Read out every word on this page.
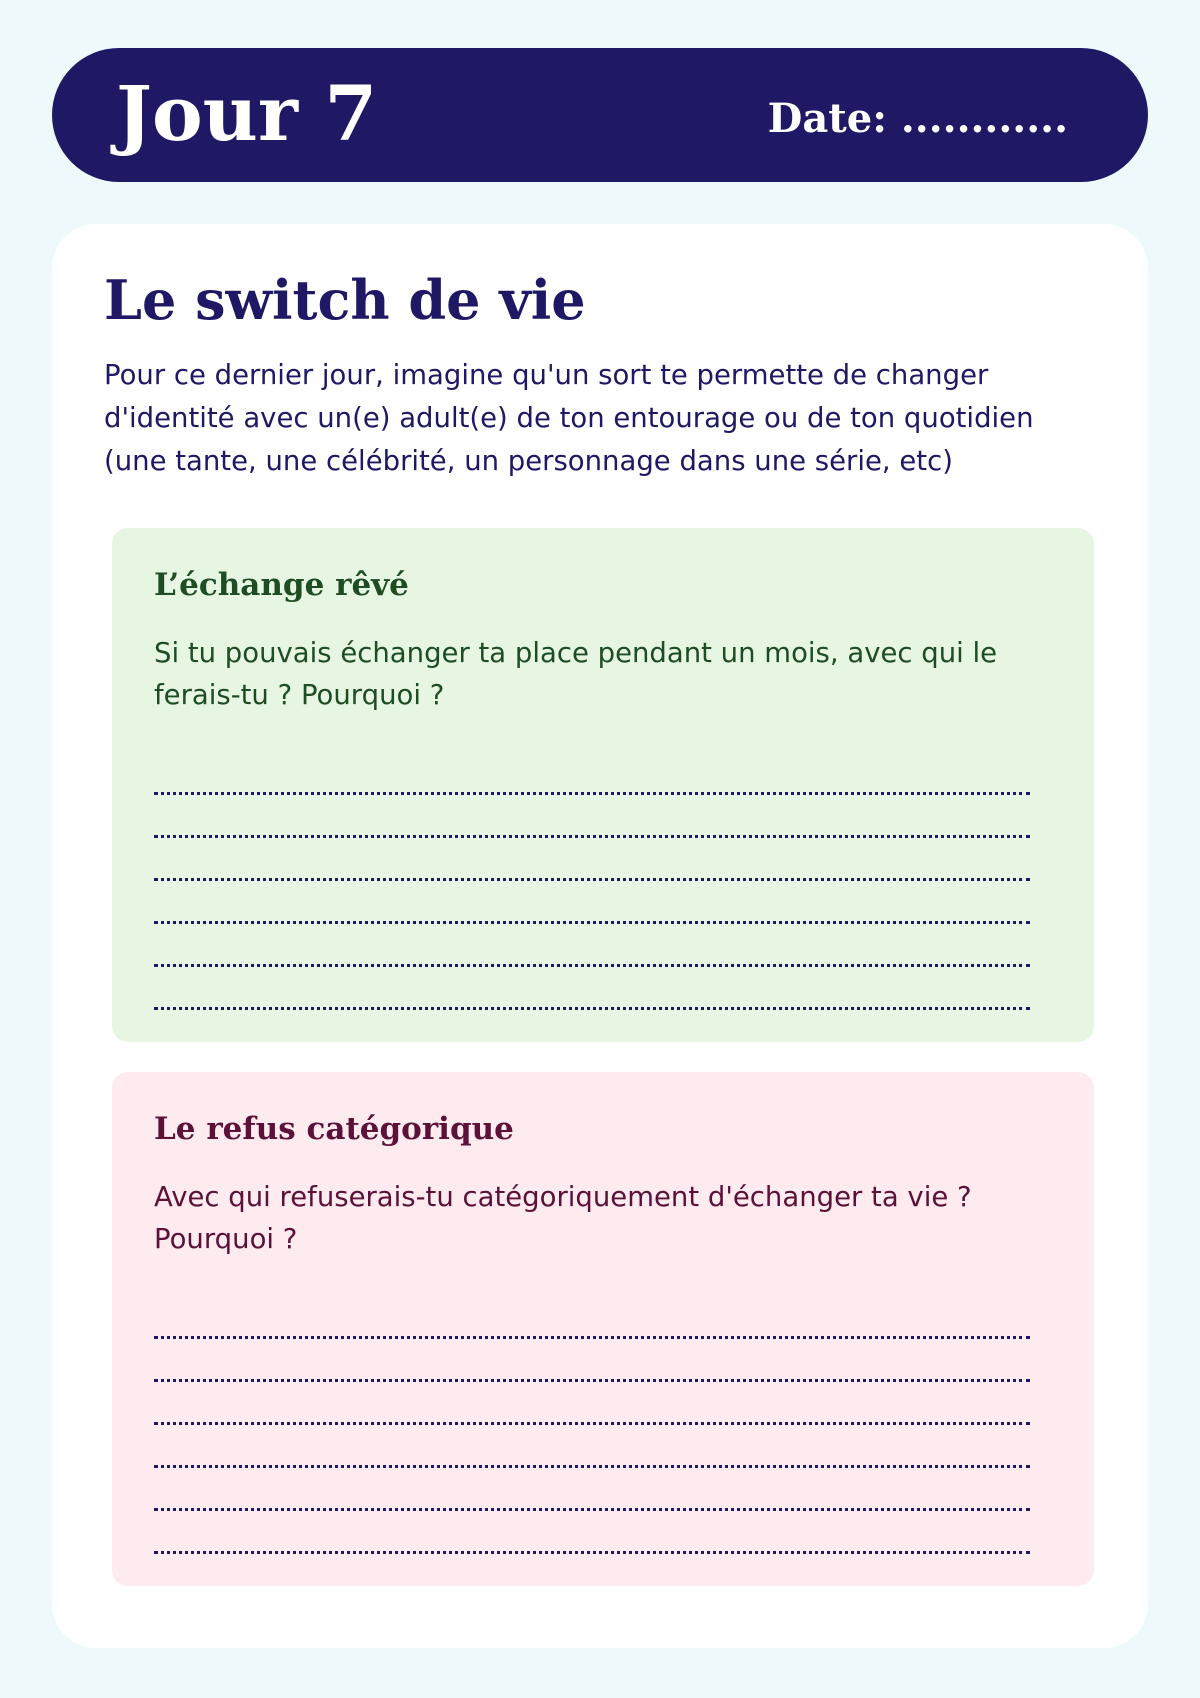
Jour 7	Date: ............
Le switch de vie
Pour ce dernier jour, imagine qu'un sort te permette de changer d'identité avec un(e) adult(e) de ton entourage ou de ton quotidien (une tante, une célébrité, un personnage dans une série, etc)
L’échange rêvé
Si tu pouvais échanger ta place pendant un mois, avec qui le ferais-tu ? Pourquoi ?
Le refus catégorique
Avec qui refuserais-tu catégoriquement d'échanger ta vie ? Pourquoi ?
